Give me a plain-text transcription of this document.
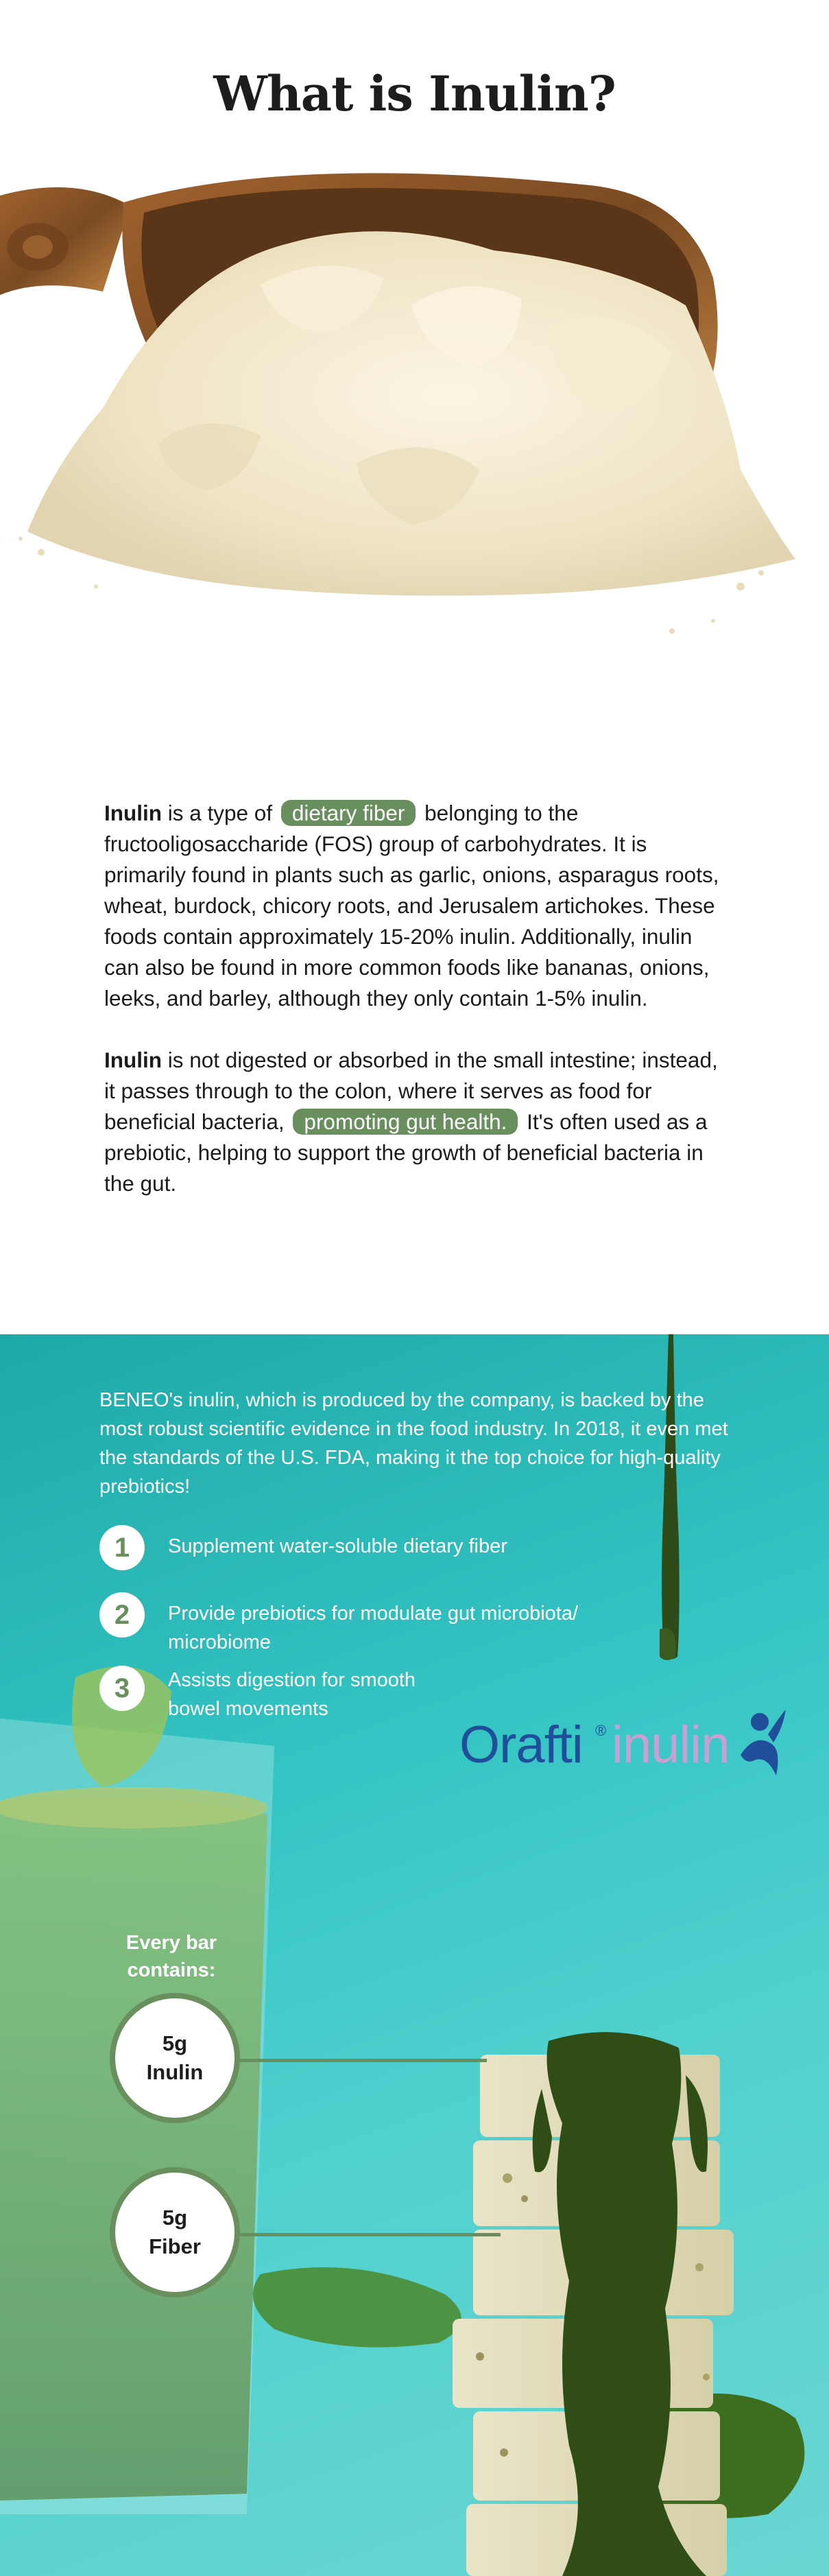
What is Inulin?

Inulin is a type of dietary fiber belonging to the fructooligosaccharide (FOS) group of carbohydrates. It is primarily found in plants such as garlic, onions, asparagus roots, wheat, burdock, chicory roots, and Jerusalem artichokes. These foods contain approximately 15-20% inulin. Additionally, inulin can also be found in more common foods like bananas, onions, leeks, and barley, although they only contain 1-5% inulin.

Inulin is not digested or absorbed in the small intestine; instead, it passes through to the colon, where it serves as food for beneficial bacteria, promoting gut health. It's often used as a prebiotic, helping to support the growth of beneficial bacteria in the gut.

BENEO's inulin, which is produced by the company, is backed by the most robust scientific evidence in the food industry. In 2018, it even met the standards of the U.S. FDA, making it the top choice for high-quality prebiotics!

1	Supplement water-soluble dietary fiber
2	Provide prebiotics for modulate gut microbiota/ microbiome
3	Assists digestion for smooth bowel movements
Orafti ® inulin
Every bar contains:
5g
Inulin
5g
Fiber
